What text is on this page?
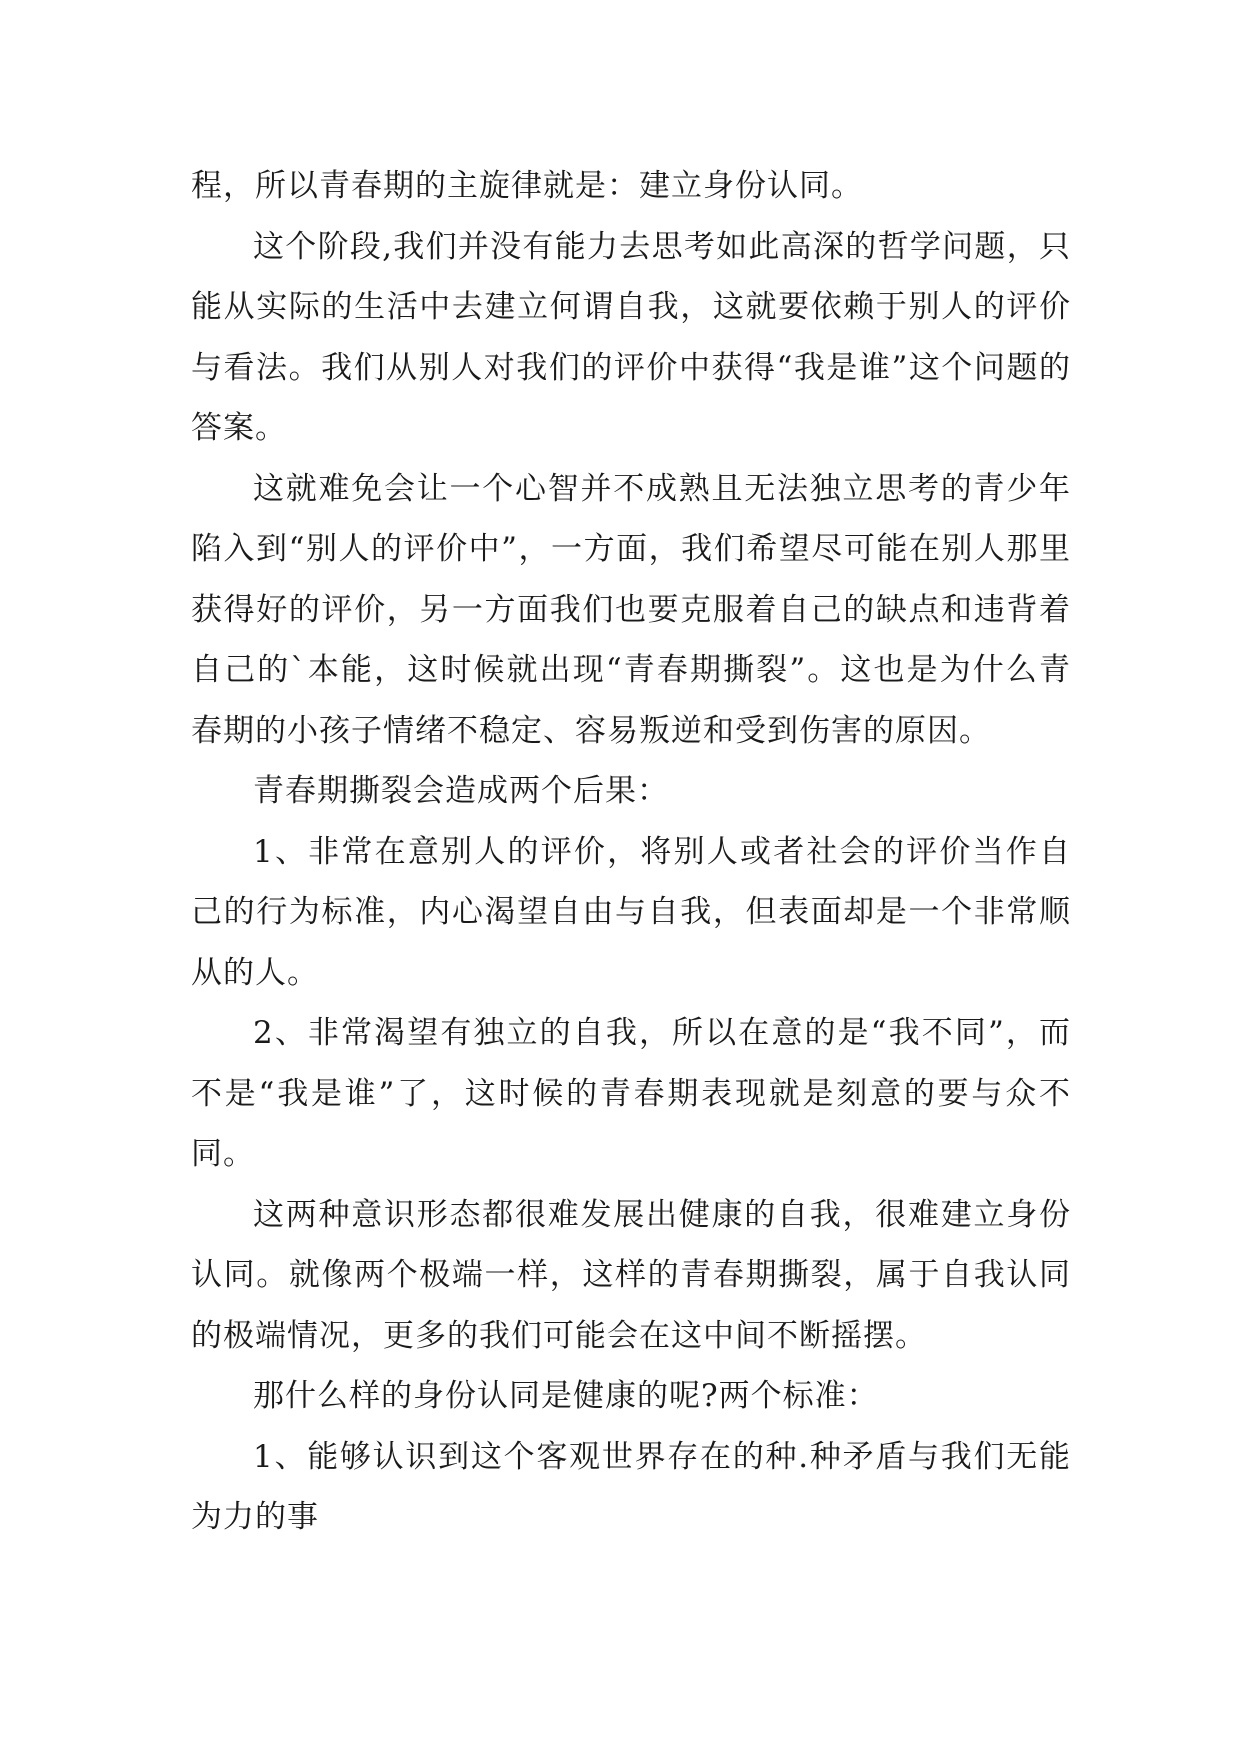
程，所以青春期的主旋律就是：建立身份认同。

这个阶段,我们并没有能力去思考如此高深的哲学问题，只能从实际的生活中去建立何谓自我，这就要依赖于别人的评价与看法。我们从别人对我们的评价中获得“我是谁”这个问题的答案。

这就难免会让一个心智并不成熟且无法独立思考的青少年陷入到“别人的评价中”，一方面，我们希望尽可能在别人那里获得好的评价，另一方面我们也要克服着自己的缺点和违背着自己的`本能，这时候就出现“青春期撕裂”。这也是为什么青春期的小孩子情绪不稳定、容易叛逆和受到伤害的原因。

青春期撕裂会造成两个后果：

1、非常在意别人的评价，将别人或者社会的评价当作自己的行为标准，内心渴望自由与自我，但表面却是一个非常顺从的人。

2、非常渴望有独立的自我，所以在意的是“我不同”，而不是“我是谁”了，这时候的青春期表现就是刻意的要与众不同。

这两种意识形态都很难发展出健康的自我，很难建立身份认同。就像两个极端一样，这样的青春期撕裂，属于自我认同的极端情况，更多的我们可能会在这中间不断摇摆。

那什么样的身份认同是健康的呢?两个标准：

1、能够认识到这个客观世界存在的种.种矛盾与我们无能为力的事
